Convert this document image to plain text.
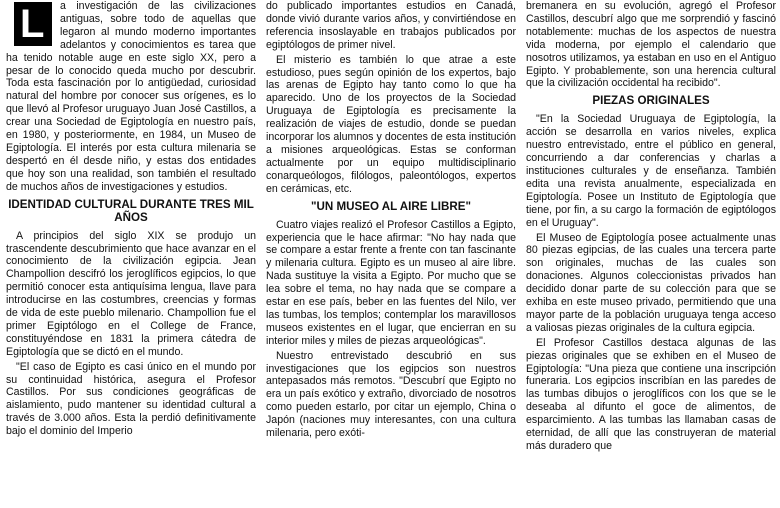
L	a investigación de las civilizaciones antiguas, sobre todo de aquellas que legaron al mundo moderno importantes adelantos y conocimientos es tarea que ha tenido notable auge en este siglo XX, pero a pesar de lo conocido queda mucho por descubrir. Toda esta fascinación por lo antigüedad, curiosidad natural del hombre por conocer sus orígenes, es lo que llevó al Profesor uruguayo Juan José Castillos, a crear una Sociedad de Egiptología en nuestro país, en 1980, y posteriormente, en 1984, un Museo de Egiptología. El interés por esta cultura milenaria se despertó en él desde niño, y estas dos entidades que hoy son una realidad, son también el resultado de muchos años de investigaciones y estudios.

IDENTIDAD CULTURAL DURANTE TRES MIL AÑOS

A principios del siglo XIX se produjo un trascendente descubrimiento que hace avanzar en el conocimiento de la civilización egipcia. Jean Champollion descifró los jeroglíficos egipcios, lo que permitió conocer esta antiquísima lengua, llave para introducirse en las costumbres, creencias y formas de vida de este pueblo milenario. Champollion fue el primer Egiptólogo en el College de France, constituyéndose en 1831 la primera cátedra de Egiptología que se dictó en el mundo.

"El caso de Egipto es casi único en el mundo por su continuidad histórica, asegura el Profesor Castillos. Por sus condiciones geográficas de aislamiento, pudo mantener su identidad cultural a través de 3.000 años. Esta la perdió definitivamente bajo el dominio del Imperio

do publicado importantes estudios en Canadá, donde vivió durante varios años, y convirtiéndose en referencia insoslayable en trabajos publicados por egiptólogos de primer nivel.

El misterio es también lo que atrae a este estudioso, pues según opinión de los expertos, bajo las arenas de Egipto hay tanto como lo que ha aparecido. Uno de los proyectos de la Sociedad Uruguaya de Egiptología es precisamente la realización de viajes de estudio, donde se puedan incorporar los alumnos y docentes de esta institución a misiones arqueológicas. Estas se conforman actualmente por un equipo multidisciplinario conarqueólogos, filólogos, paleontólogos, expertos en cerámicas, etc.

"UN MUSEO AL AIRE LIBRE"

Cuatro viajes realizó el Profesor Castillos a Egipto, experiencia que le hace afirmar: "No hay nada que se compare a estar frente a frente con tan fascinante y milenaria cultura. Egipto es un museo al aire libre. Nada sustituye la visita a Egipto. Por mucho que se lea sobre el tema, no hay nada que se compare a estar en ese país, beber en las fuentes del Nilo, ver las tumbas, los templos; contemplar los maravillosos museos existentes en el lugar, que encierran en su interior miles y miles de piezas arqueológicas".

Nuestro entrevistado descubrió en sus investigaciones que los egipcios son nuestros antepasados más remotos. "Descubrí que Egipto no era un país exótico y extraño, divorciado de nosotros como pueden estarlo, por citar un ejemplo, China o Japón (naciones muy interesantes, con una cultura milenaria, pero exóti-

bremanera en su evolución, agregó el Profesor Castillos, descubrí algo que me sorprendió y fascinó notablemente: muchas de los aspectos de nuestra vida moderna, por ejemplo el calendario que nosotros utilizamos, ya estaban en uso en el Antiguo Egipto. Y probablemente, son una herencia cultural que la civilización occidental ha recibido".

PIEZAS ORIGINALES

"En la Sociedad Uruguaya de Egiptología, la acción se desarrolla en varios niveles, explica nuestro entrevistado, entre el público en general, concurriendo a dar conferencias y charlas a instituciones culturales y de enseñanza. También edita una revista anualmente, especializada en Egiptología. Posee un Instituto de Egiptología que tiene, por fin, a su cargo la formación de egiptólogos en el Uruguay".

El Museo de Egiptología posee actualmente unas 80 piezas egipcias, de las cuales una tercera parte son originales, muchas de las cuales son donaciones. Algunos coleccionistas privados han decidido donar parte de su colección para que se exhiba en este museo privado, permitiendo que una mayor parte de la población uruguaya tenga acceso a valiosas piezas originales de la cultura egipcia.

El Profesor Castillos destaca algunas de las piezas originales que se exhiben en el Museo de Egiptología: "Una pieza que contiene una inscripción funeraria. Los egipcios inscribían en las paredes de las tumbas dibujos o jeroglíficos con los que se le deseaba al difunto el goce de alimentos, de esparcimiento. A las tumbas las llamaban casas de eternidad, de allí que las construyeran de material más duradero que
